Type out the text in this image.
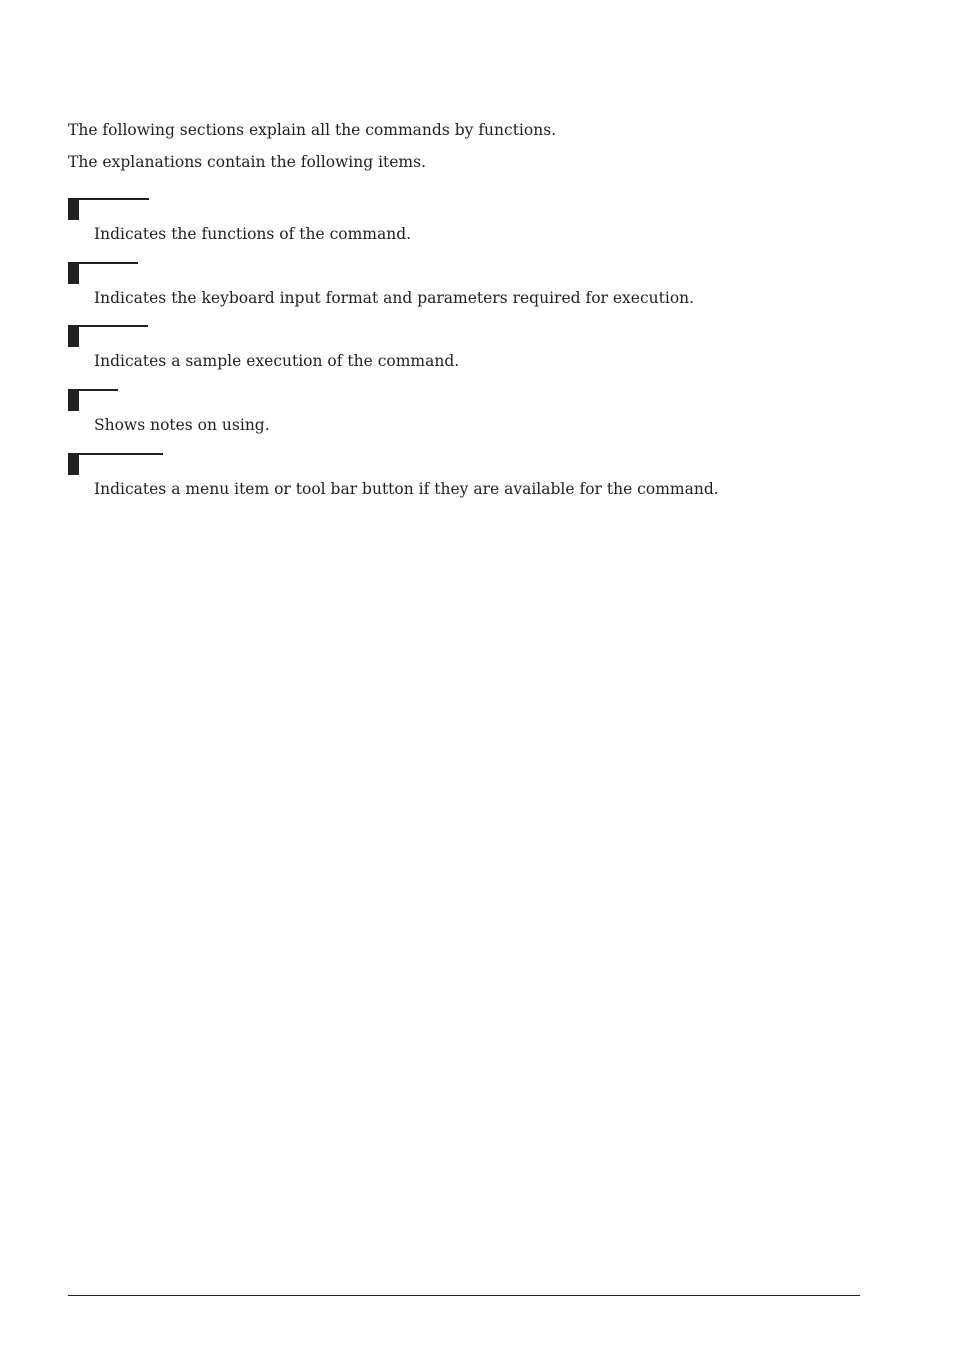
The following sections explain all the commands by functions.

The explanations contain the following items.

Indicates the functions of the command.

Indicates the keyboard input format and parameters required for execution.

Indicates a sample execution of the command.

Shows notes on using.

Indicates a menu item or tool bar button if they are available for the command.
